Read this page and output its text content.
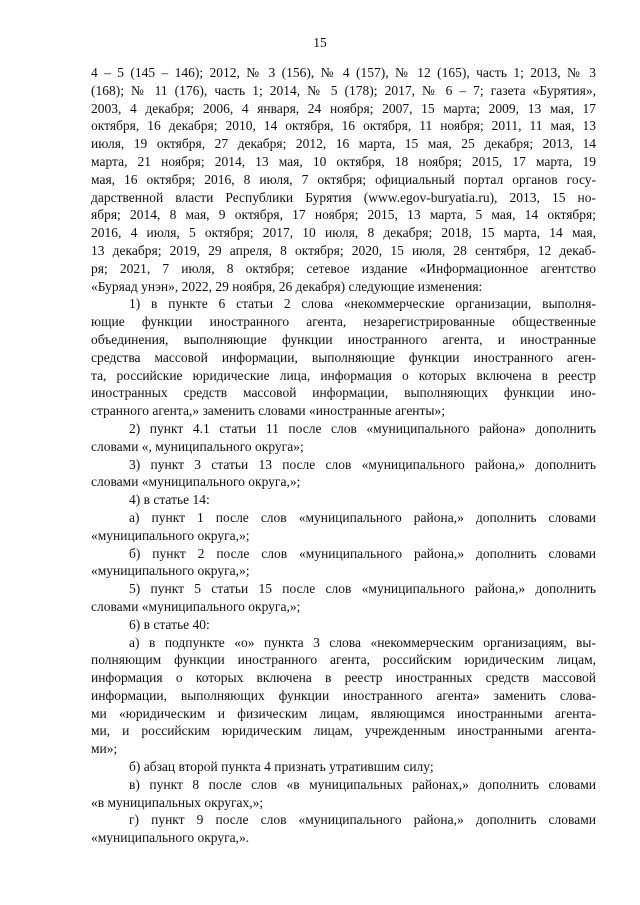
15
4 – 5 (145 – 146); 2012, № 3 (156), № 4 (157), № 12 (165), часть 1; 2013, № 3
(168); № 11 (176), часть 1; 2014, № 5 (178); 2017, № 6 – 7; газета «Бурятия»,
2003, 4 декабря; 2006, 4 января, 24 ноября; 2007, 15 марта; 2009, 13 мая, 17
октября, 16 декабря; 2010, 14 октября, 16 октября, 11 ноября; 2011, 11 мая, 13
июля, 19 октября, 27 декабря; 2012, 16 марта, 15 мая, 25 декабря; 2013, 14
марта, 21 ноября; 2014, 13 мая, 10 октября, 18 ноября; 2015, 17 марта, 19
мая, 16 октября; 2016, 8 июля, 7 октября; официальный портал органов госу-
дарственной власти Республики Бурятия (www.egov-buryatia.ru), 2013, 15 но-
ября; 2014, 8 мая, 9 октября, 17 ноября; 2015, 13 марта, 5 мая, 14 октября;
2016, 4 июля, 5 октября; 2017, 10 июля, 8 декабря; 2018, 15 марта, 14 мая,
13 декабря; 2019, 29 апреля, 8 октября; 2020, 15 июля, 28 сентября, 12 декаб-
ря; 2021, 7 июля, 8 октября; сетевое издание «Информационное агентство
«Буряад унэн», 2022, 29 ноября, 26 декабря) следующие изменения:
1) в пункте 6 статьи 2 слова «некоммерческие организации, выполня-
ющие функции иностранного агента, незарегистрированные общественные
объединения, выполняющие функции иностранного агента, и иностранные
средства массовой информации, выполняющие функции иностранного аген-
та, российские юридические лица, информация о которых включена в реестр
иностранных средств массовой информации, выполняющих функции ино-
странного агента,» заменить словами «иностранные агенты»;
2) пункт 4.1 статьи 11 после слов «муниципального района» дополнить
словами «, муниципального округа»;
3) пункт 3 статьи 13 после слов «муниципального района,» дополнить
словами «муниципального округа,»;
4) в статье 14:
а) пункт 1 после слов «муниципального района,» дополнить словами
«муниципального округа,»;
б) пункт 2 после слов «муниципального района,» дополнить словами
«муниципального округа,»;
5) пункт 5 статьи 15 после слов «муниципального района,» дополнить
словами «муниципального округа,»;
6) в статье 40:
а) в подпункте «о» пункта 3 слова «некоммерческим организациям, вы-
полняющим функции иностранного агента, российским юридическим лицам,
информация о которых включена в реестр иностранных средств массовой
информации, выполняющих функции иностранного агента» заменить слова-
ми «юридическим и физическим лицам, являющимся иностранными агента-
ми, и российским юридическим лицам, учрежденным иностранными агента-
ми»;
б) абзац второй пункта 4 признать утратившим силу;
в) пункт 8 после слов «в муниципальных районах,» дополнить словами
«в муниципальных округах,»;
г) пункт 9 после слов «муниципального района,» дополнить словами
«муниципального округа,».
